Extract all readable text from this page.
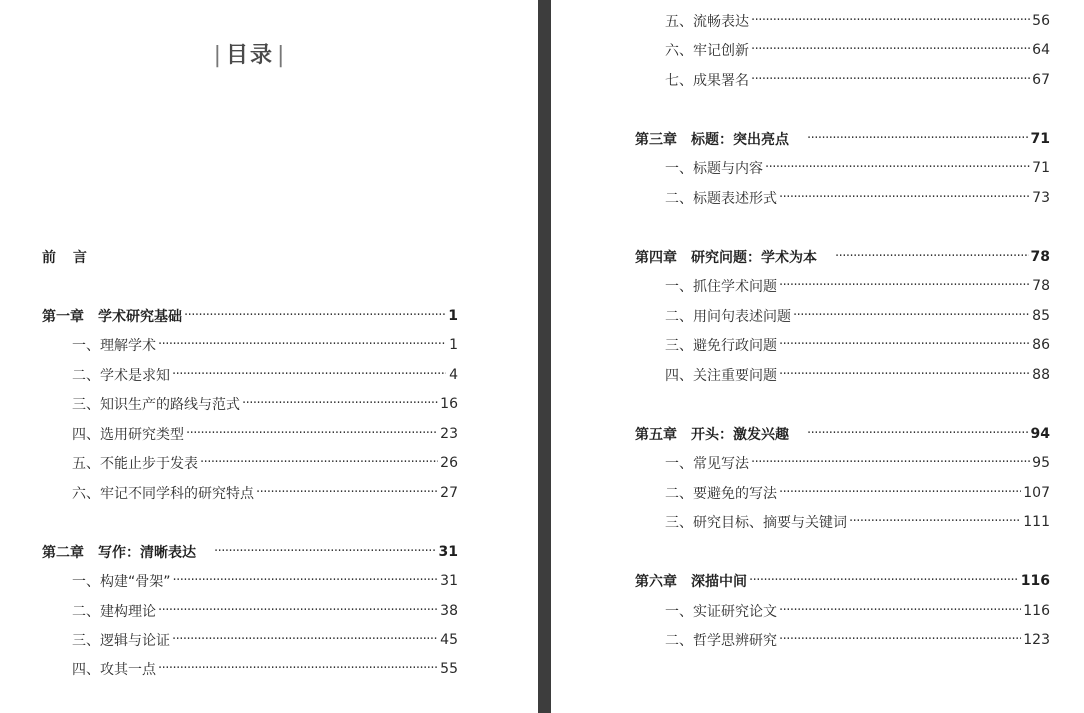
| 目录 |
前 言
第一章　学术研究基础 ·····	1
一、理解学术 ·····	1
二、学术是求知 ·····	4
三、知识生产的路线与范式 ·····	16
四、选用研究类型 ·····	23
五、不能止步于发表 ·····	26
六、牢记不同学科的研究特点 ·····	27
第二章　写作：清晰表达 ·····	31
一、构建“骨架” ·····	31
二、建构理论 ·····	38
三、逻辑与论证 ·····	45
四、攻其一点 ·····	55
五、流畅表达 ·····	56
六、牢记创新 ·····	64
七、成果署名 ·····	67
第三章　标题：突出亮点 ·····	71
一、标题与内容 ·····	71
二、标题表述形式 ·····	73
第四章　研究问题：学术为本 ·····	78
一、抓住学术问题 ·····	78
二、用问句表述问题 ·····	85
三、避免行政问题 ·····	86
四、关注重要问题 ·····	88
第五章　开头：激发兴趣 ·····	94
一、常见写法 ·····	95
二、要避免的写法 ·····	107
三、研究目标、摘要与关键词 ·····	111
第六章　深描中间 ·····	116
一、实证研究论文 ·····	116
二、哲学思辨研究 ·····	123
